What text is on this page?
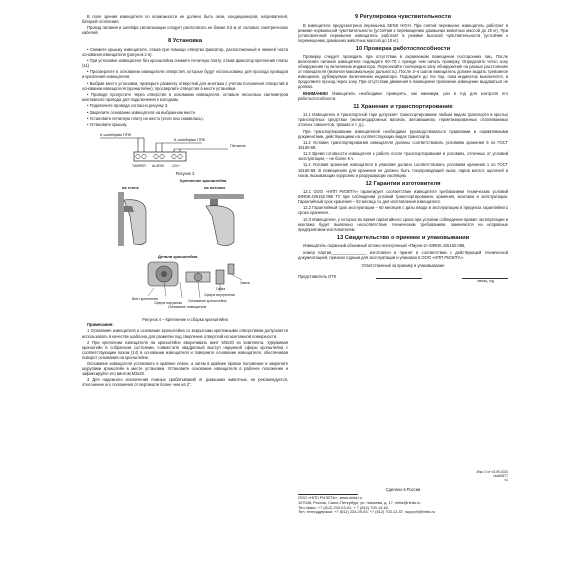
В поле зрения извещателя по возможности не должно быть окон, кондиционеров, нагревателей, батарей отопления.

Провод питания и шлейфа сигнализации следует располагать не ближе 0,5 м от силовых электрических кабелей.

8 Установка

• Снимите крышку извещателя, отжав при помощи отвертки фиксатор, расположенный в нижней части основания извещателя (рисунок 2 в).

• При установке извещателя без кронштейна снимите печатную плату, отжав фиксатор крепления платы (11).

• Просверлите в основании извещателя отверстия, которые будут использованы для прохода проводов и крепления извещателя.

• Выбрав место установки, проверьте разметку отверстий для монтажа с учетом положения отверстий в основании извещателя (кронштейне), просверлите отверстия в месте установки.

• Проводя пропустите через отверстие в основании извещателя, оставьте несколько сантиметров монтажного провода для подключения к колодкам.

• Подключите провода согласно рисунку 3.

• Закрепите основание извещателя на выбранном месте.

• Установите печатную плату на место (если она снималась).

• Установите крышку.

К шлейфам ППК
К шлейфам ППК
Питание
TAMPER ALARM -12V+
Рисунок 3
Крепление кронштейна
на стене	на потолке
Детали кронштейна
Винт крепления
Сфера наружная
Основание извещателя
Основание кронштейна
Сфера внутренняя
Гайка
Замок
Рисунок 4 – Крепление и сборка кронштейна

Примечания:

1 Основание извещателя и основание кронштейна со вскрытыми крепежными отверстиями допускается использовать в качестве шаблона для разметки под сверление отверстий на монтажной поверхности.

2 При креплении извещателя на кронштейне вворачивать винт М3х20 из комплекта. Удерживая кронштейн в собранном состоянии, совместите квадратный выступ наружной сферы кронштейна с соответствующим пазом (14) в основании извещателя и поверните основание извещателя, обеспечивая поворот основания на кронштейне.

Основание извещателя установите в крайнее левое, а затем в крайнее правое положение и закрепите шурупами кронштейн в месте установки. Установите основание извещателя в рабочее положение и зафиксируйте его винтом М3х20.

3 Для надежного исключения ложных срабатываний от домашних животных, не рекомендуется, отклонение его положения от вертикали более чем на 2°.

9 Регулировка чувствительности

В извещателе предусмотрена перемычка SENS HIGH. При снятой перемычке извещатель работает в режиме нормальной чувствительности (устойчив к перемещению домашних животных массой до 20 кг). При установленной перемычке извещатель работает в режиме высокой чувствительности (устойчив к перемещению домашних животных массой до 10 кг).

10 Проверка работоспособности

Проверку следует проводить при отсутствии в охраняемом помещении посторонних лиц. После включения питания извещателя подождите 60÷70 с прежде чем начать проверку. Определите четко зону обнаружения по включению индикатора. Пересекайте поочередно зону обнаружения на разных расстояниях от извещателя (включая максимальную дальность). После 3–4 шагов извещатель должен выдать тревожное извещение, дублируемое включением индикатора. Подождите до тех пор, пока индикатор выключится, и продолжите проход через зону. При отсутствии движения в помещении тревожное извещение выдаваться не должно.

ВНИМАНИЕ! Извещатель необходимо проверять, как минимум, раз в год для контроля его работоспособности.

11 Хранение и транспортирование

11.1 Извещатель в транспортной таре допускает транспортирование любым видом транспорта в крытых транспортных средствах (железнодорожных вагонах, автомашинах, герметизированных отапливаемых отсеках самолетов, трюмах и т. д.).

При транспортировании извещателей необходимо руководствоваться правилами и нормативными документами, действующими на соответствующих видах транспорта.

11.2 Условия транспортирования извещателя должны соответствовать условиям хранения 5 по ГОСТ 15150-69.

11.3 Время готовности извещателя к работе после транспортирования в условиях, отличных от условий эксплуатации, – не более 6 ч.

11.4 Условия хранения извещателя в упаковке должно соответствовать условиям хранения 1 по ГОСТ 15150-69. В помещениях для хранения не должно быть токопроводящей пыли, паров кислот, щелочей и газов, вызывающих коррозию и разрушающих изоляцию.

12 Гарантии изготовителя

12.1 ООО «НПП РИЭЛТА» гарантирует соответствие извещателя требованиям технических условий БФЮК.425152.095 ТУ при соблюдении условий транспортирования, хранения, монтажа и эксплуатации. Гарантийный срок хранения – 63 месяца со дня изготовления извещателя.

12.2 Гарантийный срок эксплуатации – 60 месяцев с даты ввода в эксплуатацию в пределах гарантийного срока хранения.

12.3 Извещатели, у которых во время гарантийного срока при условии соблюдения правил эксплуатации и монтажа будет выявлено несоответствие техническим требованиям, заменяются на исправные предприятием-изготовителем.

13 Свидетельство о приемке и упаковывании

Извещатель охранный объемный оптико-электронный «Пирон-2» БФЮК.425152.095,

номер партии_______________, изготовлен и принят в соответствии с действующей технической документацией, признан годным для эксплуатации и упакован в ООО «НПП РИЭЛТА».

Ответственный за приемку и упаковывание

Представитель ОТК
месяц, год
Сделано в России
Изм. 0 от 03.09.2020
№в00677
v1
ООО «НПП РИЭЛТА», www.rielta.ru
197046, Россия, Санкт-Петербург, ул. Чапаева, д. 17, rielta@rielta.ru
Тел./факс: +7 (812) 233-03-02, + 7 (812) 703-13-60,
Тел. техподдержки: +7 (812) 233-29-53, +7 (812) 703-13-57, support@rielta.ru
